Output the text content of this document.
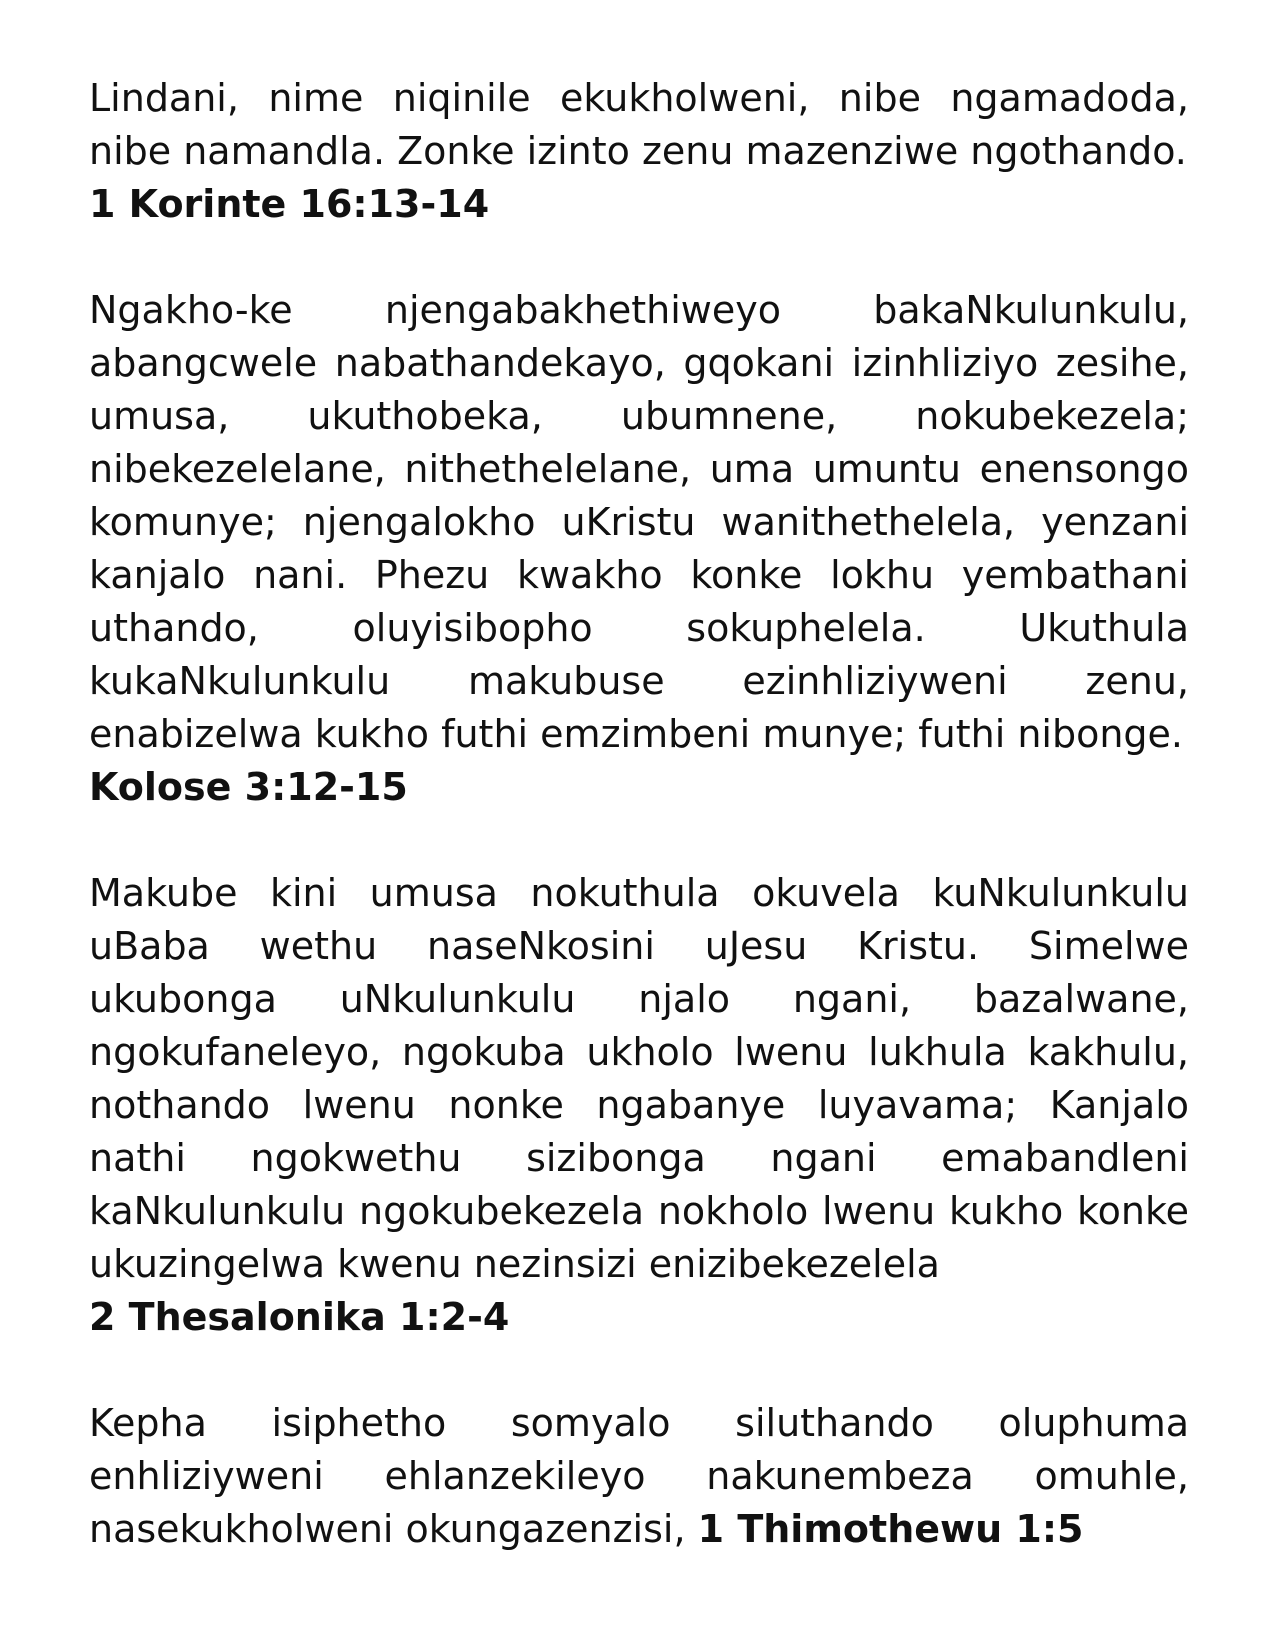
Lindani, nime niqinile ekukholweni, nibe ngamadoda, nibe namandla. Zonke izinto zenu mazenziwe ngothando.
1 Korinte 16:13-14

Ngakho-ke njengabakhethiweyo bakaNkulunkulu, abangcwele nabathandekayo, gqokani izinhliziyo zesihe, umusa, ukuthobeka, ubumnene, nokubekezela; nibekezelelane, nithethelelane, uma umuntu enensongo komunye; njengalokho uKristu wanithethelela, yenzani kanjalo nani. Phezu kwakho konke lokhu yembathani uthando, oluyisibopho sokuphelela. Ukuthula kukaNkulunkulu makubuse ezinhliziyweni zenu, enabizelwa kukho futhi emzimbeni munye; futhi nibonge.
Kolose 3:12-15

Makube kini umusa nokuthula okuvela kuNkulunkulu uBaba wethu naseNkosini uJesu Kristu. Simelwe ukubonga uNkulunkulu njalo ngani, bazalwane, ngokufaneleyo, ngokuba ukholo lwenu lukhula kakhulu, nothando lwenu nonke ngabanye luyavama; Kanjalo nathi ngokwethu sizibonga ngani emabandleni kaNkulunkulu ngokubekezela nokholo lwenu kukho konke ukuzingelwa kwenu nezinsizi enizibekezelela
2 Thesalonika 1:2-4

Kepha isiphetho somyalo siluthando oluphuma enhliziyweni ehlanzekileyo nakunembeza omuhle, nasekukholweni okungazenzisi, 1 Thimothewu 1:5
